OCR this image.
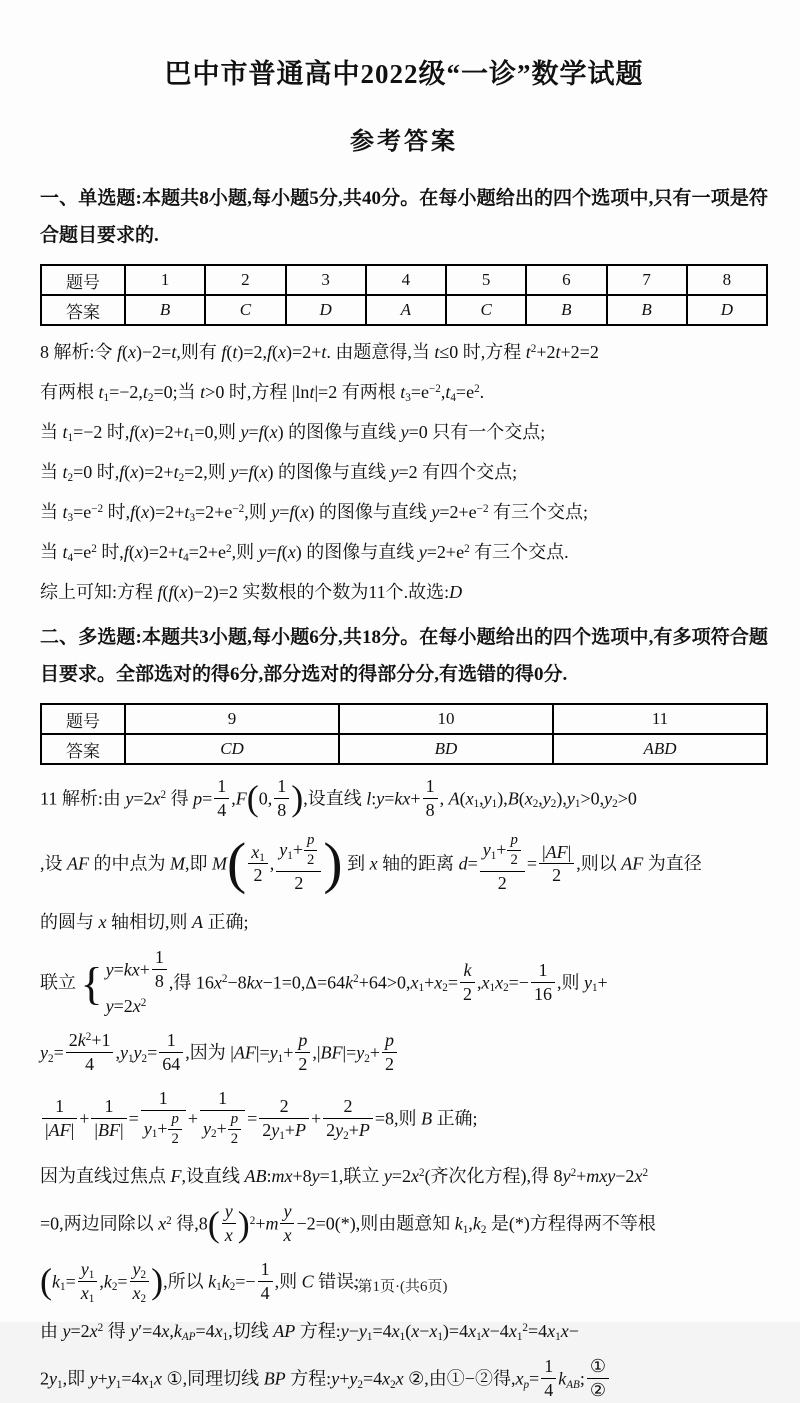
巴中市普通高中2022级“一诊”数学试题
参考答案

一、单选题:本题共8小题,每小题5分,共40分。在每小题给出的四个选项中,只有一项是符合题目要求的.

题号	1	2	3	4	5	6	7	8
答案	B	C	D	A	C	B	B	D
8 解析:令 f(x)−2=t,则有 f(t)=2,f(x)=2+t. 由题意得,当 t≤0 时,方程 $t^2+2t+2=2$
有两根 $t_1=-2,t_2=0$;当 t>0 时,方程 |lnt|=2 有两根 $t_3=e^{-2},t_4=e^2$.
当 $t_1=-2$ 时$,f(x)=2+t_1=0$,则 y=f(x) 的图像与直线 y=0 只有一个交点;
当 $t_2=0$ 时$,f(x)=2+t_2=2$,则 y=f(x) 的图像与直线 y=2 有四个交点;
当 $t_3=e^{-2}$ 时$,f(x)=2+t_3=2+e^{-2}$,则 y=f(x) 的图像与直线 $y=2+e^{-2}$ 有三个交点;
当 $t_4=e^2$ 时$,f(x)=2+t_4=2+e^2$,则 y=f(x) 的图像与直线 $y=2+e^2$ 有三个交点.
综上可知:方程 f(f(x)−2)=2 实数根的个数为11个.故选:D

二、多选题:本题共3小题,每小题6分,共18分。在每小题给出的四个选项中,有多项符合题目要求。全部选对的得6分,部分选对的得部分分,有选错的得0分.

题号	9	10	11
答案	CD	BD	ABD
11 解析:由 $y=2x^2$ 得 $p= \frac{1}{4} ,F(0$, $\frac{1}{8}$ ),设直线 l:y=kx+ $\frac{1}{8}$ , $A(x_1,y_1),B(x_2,y_2),y_1>0,y_2>0$
,设 AF 的中点为 M,即 $M( \frac{x_1}{2}$ , $\frac{y_1+ \frac{p}{2}}{2}$ ) 到 x 轴的距离 $d= \frac{y_1+ \frac{p}{2}}{2} = \frac{|AF|}{2}$ ,则以 AF 为直径
的圆与 x 轴相切,则 A 正确;
联立 { $y=kx+ \frac{1}{8}$
$y=2x^2$
,得 $16x^2-8kx-1=0,\Delta=64k^2+64>0,x_1+x_2= \frac{k}{2} ,x_1x_2=- \frac{1}{16}$ ,则 $y_1+$
$y_2= \frac{2k^2+1}{4} ,y_1y_2= \frac{1}{64}$ ,因为 $|AF|=y_1+ \frac{p}{2} ,|BF|=y_2+ \frac{p}{2}$
$\frac{1}{|AF|} + \frac{1}{|BF|} = \frac{1}{y_1+ \frac{p}{2}} + \frac{1}{y_2+ \frac{p}{2}} = \frac{2}{2y_1+P} + \frac{2}{2y_2+P} =8$,则 B 正确;
因为直线过焦点 F,设直线 AB:mx+8y=1,联立 $y=2x^2$(齐次化方程),得 $8y^2+mxy-2x^2$
=0,两边同除以 $x^2$ 得$,8( \frac{y}{x} )^2+m \frac{y}{x} -2=0(*)$,则由题意知 $k_1,k_2$ 是(*)方程得两不等根
($k_1= \frac{y_1}{x_1} ,k_2= \frac{y_2}{x_2}$ ),所以 $k_1k_2=- \frac{1}{4}$ ,则 C 错误;
由 $y=2x^2$ 得 $y'=4x,k_{AP}=4x_1$,切线 AP 方程$:y-y_1=4x_1(x-x_1)=4x_1x-4x_1^2=4x_1x-$
$2y_1$,即 $y+y_1=4x_1x$ ①,同理切线 BP 方程$:y+y_2=4x_2x$ ②,由①−②得$,x_p= \frac{1}{4} k_{AB}$;
①
②
·第1页·(共6页)
